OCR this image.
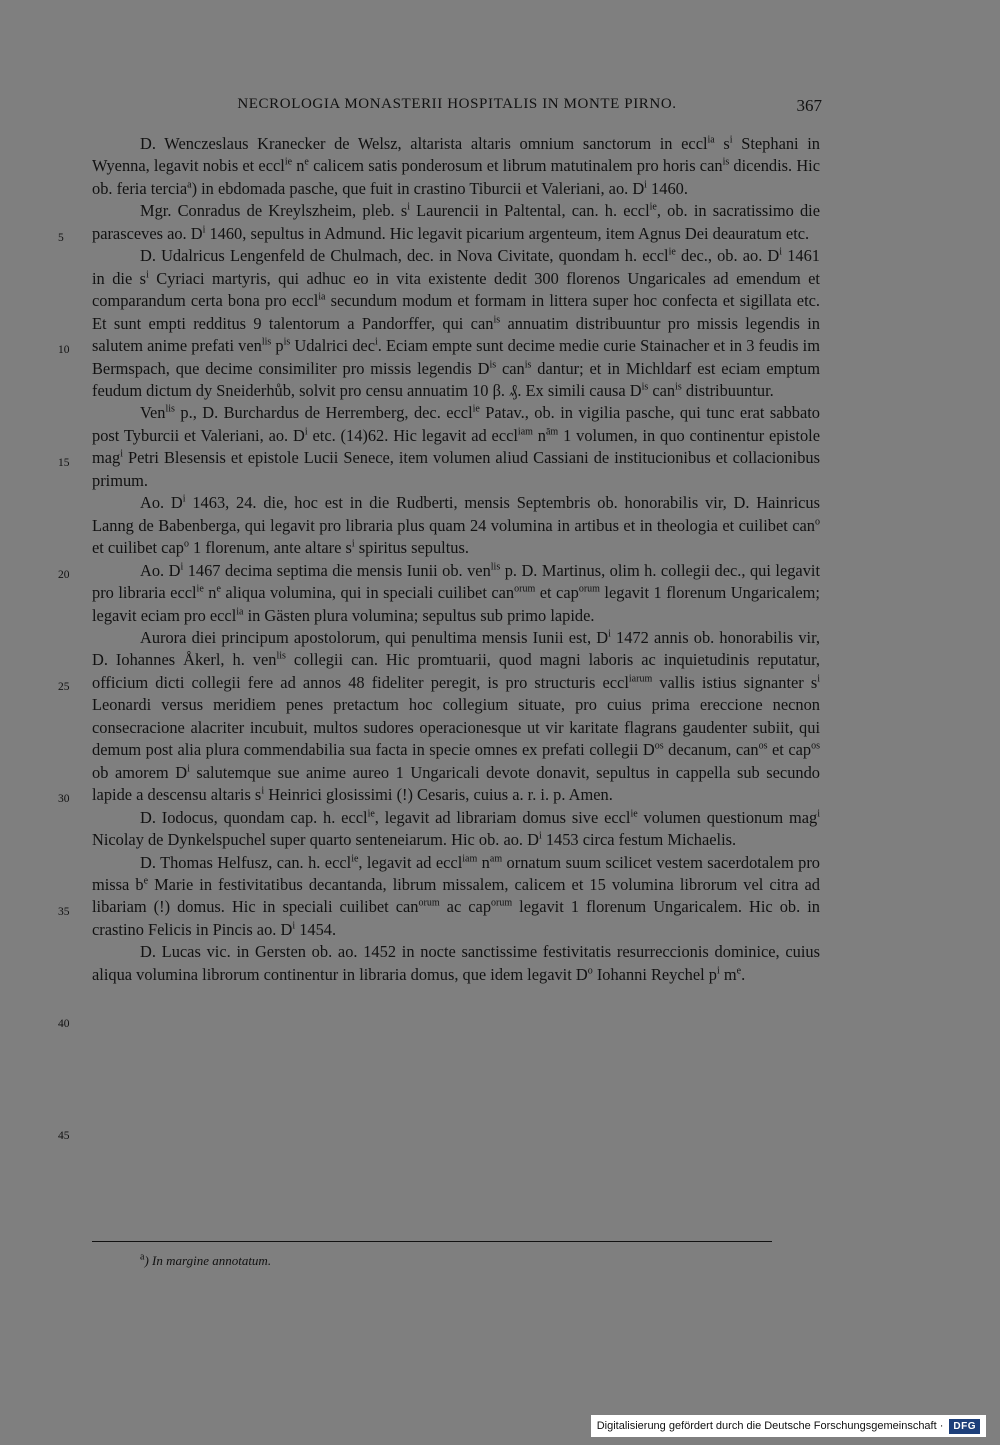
NECROLOGIA MONASTERII HOSPITALIS IN MONTE PIRNO.	367

D. Wenczeslaus Kranecker de Welsz, altarista altaris omnium sanctorum in eccl$^{ia}$ $s^i$ Stephani in Wyenna, legavit nobis et eccl$^{ie}$ $n^e$ calicem satis ponderosum et librum matutinalem pro horis can$^{is}$ dicendis. Hic ob. feria tercia$^a$) in ebdomada pasche, que fuit in crastino Tiburcii et Valeriani, ao. $D^i$ 1460.

Mgr. Conradus de Kreylszheim, pleb. $s^i$ Laurencii in Paltental, can. h. eccl$^{ie}$, ob. in sacratissimo die parasceves ao. $D^i$ 1460, sepultus in Admund. Hic legavit picarium argenteum, item Agnus Dei deauratum etc.

D. Udalricus Lengenfeld de Chulmach, dec. in Nova Civitate, quondam h. eccl$^{ie}$ dec., ob. ao. $D^i$ 1461 in die $s^i$ Cyriaci martyris, qui adhuc eo in vita existente dedit 300 florenos Ungaricales ad emendum et comparandum certa bona pro eccl$^{ia}$ secundum modum et formam in littera super hoc confecta et sigillata etc. Et sunt empti redditus 9 talentorum a Pandorffer, qui can$^{is}$ annuatim distribuuntur pro missis legendis in salutem anime prefati ven$^{lis}$ $p^{is}$ Udalrici dec$^i$. Eciam empte sunt decime medie curie Stainacher et in 3 feudis im Bermspach, que decime consimiliter pro missis legendis $D^{is}$ can$^{is}$ dantur; et in Michldarf est eciam emptum feudum dictum dy Sneiderhůb, solvit pro censu annuatim 10 β. ₰. Ex simili causa $D^{is}$ can$^{is}$ distribuuntur.

Ven$^{lis}$ p., D. Burchardus de Herremberg, dec. eccl$^{ie}$ Patav., ob. in vigilia pasche, qui tunc erat sabbato post Tyburcii et Valeriani, ao. $D^i$ etc. (14)62. Hic legavit ad eccl$^{iam}$ $n^{ām}$ 1 volumen, in quo continentur epistole mag$^i$ Petri Blesensis et epistole Lucii Senece, item volumen aliud Cassiani de institucionibus et collacionibus primum.

Ao. $D^i$ 1463, 24. die, hoc est in die Rudberti, mensis Septembris ob. honorabilis vir, D. Hainricus Lanng de Babenberga, qui legavit pro libraria plus quam 24 volumina in artibus et in theologia et cuilibet can$^o$ et cuilibet cap$^o$ 1 florenum, ante altare $s^i$ spiritus sepultus.

Ao. $D^i$ 1467 decima septima die mensis Iunii ob. ven$^{lis}$ p. D. Martinus, olim h. collegii dec., qui legavit pro libraria eccl$^{ie}$ $n^e$ aliqua volumina, qui in speciali cuilibet can$^{orum}$ et cap$^{orum}$ legavit 1 florenum Ungaricalem; legavit eciam pro eccl$^{ia}$ in Gästen plura volumina; sepultus sub primo lapide.

Aurora diei principum apostolorum, qui penultima mensis Iunii est, $D^i$ 1472 annis ob. honorabilis vir, D. Iohannes Åkerl, h. ven$^{lis}$ collegii can. Hic promtuarii, quod magni laboris ac inquietudinis reputatur, officium dicti collegii fere ad annos 48 fideliter peregit, is pro structuris eccl$^{iarum}$ vallis istius signanter $s^i$ Leonardi versus meridiem penes pretactum hoc collegium situate, pro cuius prima ereccione necnon consecracione alacriter incubuit, multos sudores operacionesque ut vir karitate flagrans gaudenter subiit, qui demum post alia plura commendabilia sua facta in specie omnes ex prefati collegii $D^{os}$ decanum, can$^{os}$ et cap$^{os}$ ob amorem $D^i$ salutemque sue anime aureo 1 Ungaricali devote donavit, sepultus in cappella sub secundo lapide a descensu altaris $s^i$ Heinrici glosissimi (!) Cesaris, cuius a. r. i. p. Amen.

D. Iodocus, quondam cap. h. eccl$^{ie}$, legavit ad librariam domus sive eccl$^{ie}$ volumen questionum mag$^i$ Nicolay de Dynkelspuchel super quarto senteneiarum. Hic ob. ao. $D^i$ 1453 circa festum Michaelis.

D. Thomas Helfusz, can. h. eccl$^{ie}$, legavit ad eccl$^{iam}$ $n^{am}$ ornatum suum scilicet vestem sacerdotalem pro missa $b^e$ Marie in festivitatibus decantanda, librum missalem, calicem et 15 volumina librorum vel citra ad libariam (!) domus. Hic in speciali cuilibet can$^{orum}$ ac cap$^{orum}$ legavit 1 florenum Ungaricalem. Hic ob. in crastino Felicis in Pincis ao. $D^i$ 1454.

D. Lucas vic. in Gersten ob. ao. 1452 in nocte sanctissime festivitatis resurreccionis dominice, cuius aliqua volumina librorum continentur in libraria domus, que idem legavit $D^o$ Iohanni Reychel $p^i$ $m^e$.

5
10
15
20
25
30
35
40
45
$^a$) In margine annotatum.
Digitalisierung gefördert durch die Deutsche Forschungsgemeinschaft ·	DFG
